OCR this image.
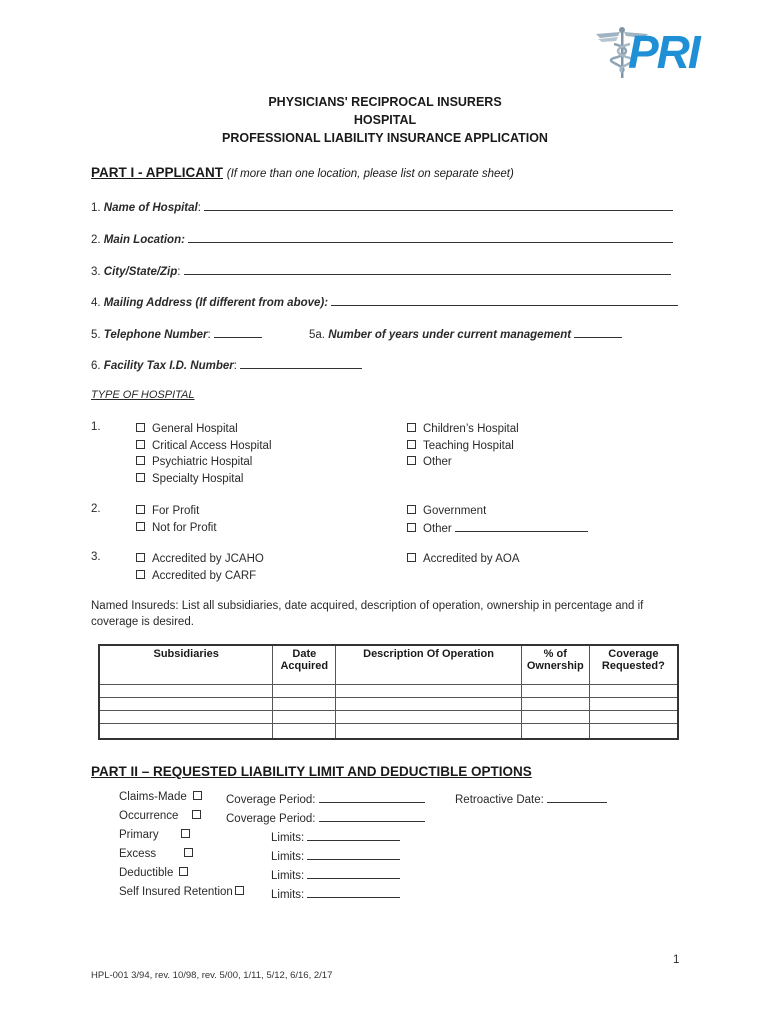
PRI
PHYSICIANS' RECIPROCAL INSURERS
HOSPITAL
PROFESSIONAL LIABILITY INSURANCE APPLICATION
PART I - APPLICANT (If more than one location, please list on separate sheet)
1. Name of Hospital:
2. Main Location:
3. City/State/Zip:
4. Mailing Address (If different from above):
5. Telephone Number:	5a. Number of years under current management
6. Facility Tax I.D. Number:
TYPE OF HOSPITAL
1.	General Hospital
Critical Access Hospital
Psychiatric Hospital
Specialty Hospital
Children’s Hospital
Teaching Hospital
Other
2.	For Profit
Not for Profit
Government
Other
3.	Accredited by JCAHO
Accredited by CARF
Accredited by AOA
Named Insureds: List all subsidiaries, date acquired, description of operation, ownership in percentage and if coverage is desired.
Subsidiaries	Date Acquired	Description Of Operation	% of Ownership	Coverage Requested?

PART II – REQUESTED LIABILITY LIMIT AND DEDUCTIBLE OPTIONS
Claims-Made	Coverage Period:	Retroactive Date:
Occurrence	Coverage Period:
Primary	Limits:
Excess	Limits:
Deductible	Limits:
Self Insured Retention	Limits:
1
HPL-001 3/94, rev. 10/98, rev. 5/00, 1/11, 5/12, 6/16, 2/17
